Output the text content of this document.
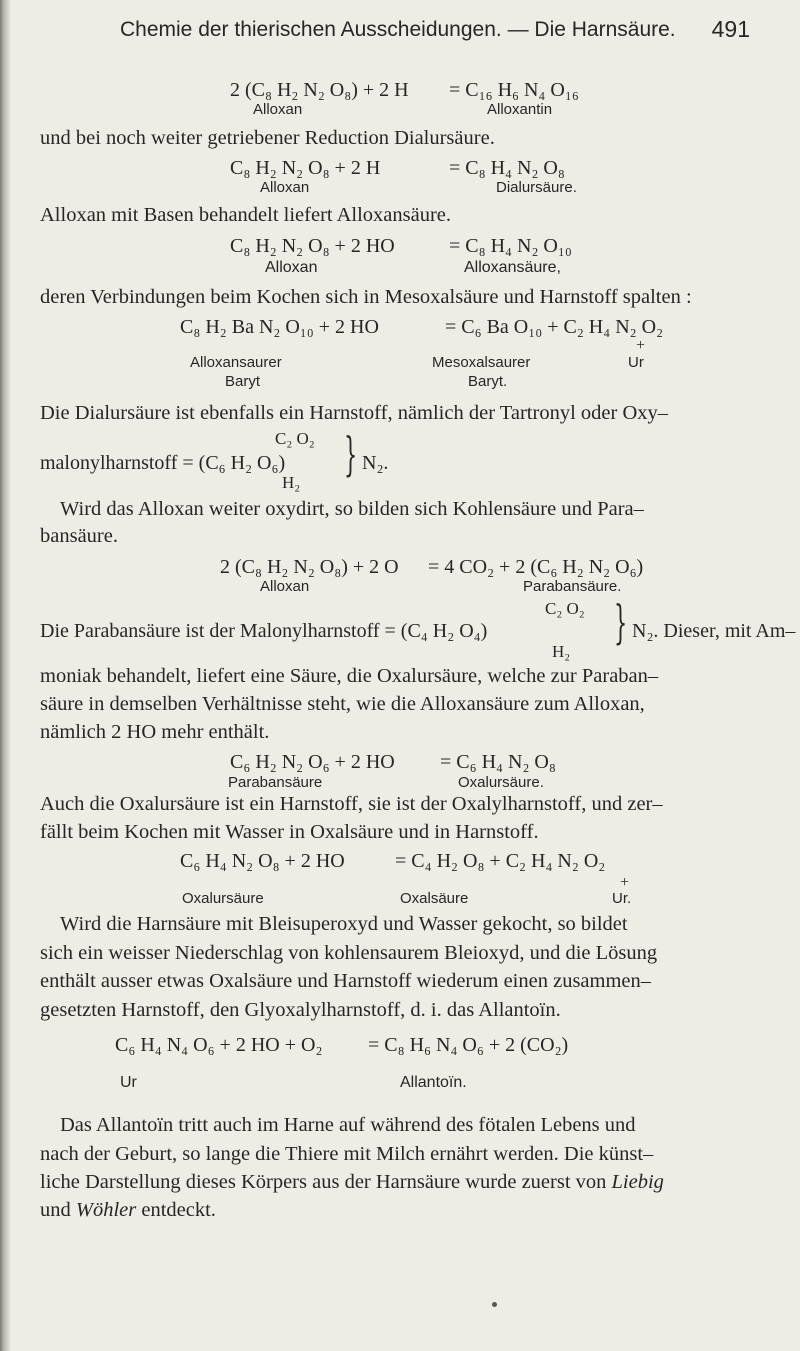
Chemie der thierischen Ausscheidungen. — Die Harnsäure. 491
2 (C₈ H₂ N₂ O₈) + 2 H = C₁₆ H₆ N₄ O₁₆
Alloxan	Alloxantin
und bei noch weiter getriebener Reduction Dialursäure.
C₈ H₂ N₂ O₈ + 2 H	= C₈ H₄ N₂ O₈
Alloxan	Dialursäure.
Alloxan mit Basen behandelt liefert Alloxansäure.
C₈ H₂ N₂ O₈ + 2 HO	= C₈ H₄ N₂ O₁₀
Alloxan	Alloxansäure,
deren Verbindungen beim Kochen sich in Mesoxalsäure und Harnstoff spalten :
C₈ H₂ Ba N₂ O₁₀ + 2 HO	= C₆ Ba O₁₀ + C₂ H₄ N₂ O₂
+
Alloxansaurer
Baryt
Mesoxalsaurer
Baryt.
Ur
Die Dialursäure ist ebenfalls ein Harnstoff, nämlich der Tartronyl oder Oxy–
C₂ O₂
malonylharnstoff = (C₆ H₂ O₆) } N₂.
H₂
Wird das Alloxan weiter oxydirt, so bilden sich Kohlensäure und Para–
bansäure.
2 (C₈ H₂ N₂ O₈) + 2 O = 4 CO₂ + 2 (C₆ H₂ N₂ O₆)
Alloxan	Parabansäure.
C₂ O₂
Die Parabansäure ist der Malonylharnstoff = (C₄ H₂ O₄)	} N₂. Dieser, mit Am–
H₂
moniak behandelt, liefert eine Säure, die Oxalursäure, welche zur Paraban–
säure in demselben Verhältnisse steht, wie die Alloxansäure zum Alloxan,
nämlich 2 HO mehr enthält.
C₆ H₂ N₂ O₆ + 2 HO = C₆ H₄ N₂ O₈
Parabansäure	Oxalursäure.
Auch die Oxalursäure ist ein Harnstoff, sie ist der Oxalylharnstoff, und zer–
fällt beim Kochen mit Wasser in Oxalsäure und in Harnstoff.
C₆ H₄ N₂ O₈ + 2 HO	= C₄ H₂ O₈ + C₂ H₄ N₂ O₂
+
Oxalursäure	Oxalsäure	Ur.
Wird die Harnsäure mit Bleisuperoxyd und Wasser gekocht, so bildet
sich ein weisser Niederschlag von kohlensaurem Bleioxyd, und die Lösung
enthält ausser etwas Oxalsäure und Harnstoff wiederum einen zusammen–
gesetzten Harnstoff, den Glyoxalylharnstoff, d. i. das Allantoïn.
C₆ H₄ N₄ O₆ + 2 HO + O₂ = C₈ H₆ N₄ O₆ + 2 (CO₂)
Ur	Allantoïn.
Das Allantoïn tritt auch im Harne auf während des fötalen Lebens und
nach der Geburt, so lange die Thiere mit Milch ernährt werden. Die künst–
liche Darstellung dieses Körpers aus der Harnsäure wurde zuerst von Liebig
und Wöhler entdeckt.
